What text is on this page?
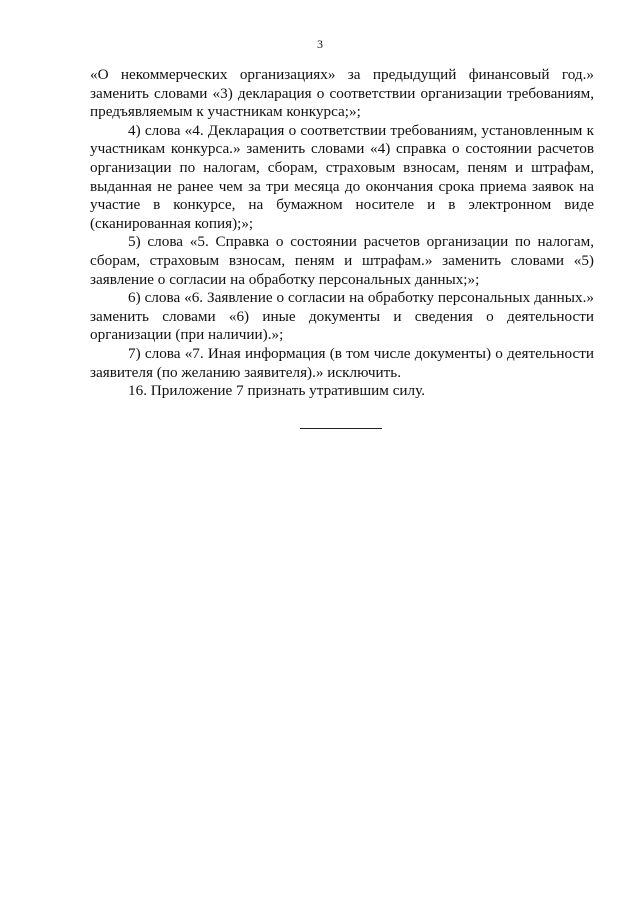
3

«О некоммерческих организациях» за предыдущий финансовый год.» заменить словами «3) декларация о соответствии организации требованиям, предъявляемым к участникам конкурса;»;

4) слова «4. Декларация о соответствии требованиям, установленным к участникам конкурса.» заменить словами «4) справка о состоянии расчетов организации по налогам, сборам, страховым взносам, пеням и штрафам, выданная не ранее чем за три месяца до окончания срока приема заявок на участие в конкурсе, на бумажном носителе и в электронном виде (сканированная копия);»;

5) слова «5. Справка о состоянии расчетов организации по налогам, сборам, страховым взносам, пеням и штрафам.» заменить словами «5) заявление о согласии на обработку персональных данных;»;

6) слова «6. Заявление о согласии на обработку персональных данных.» заменить словами «6) иные документы и сведения о деятельности организации (при наличии).»;

7) слова «7. Иная информация (в том числе документы) о деятельности заявителя (по желанию заявителя).» исключить.

16. Приложение 7 признать утратившим силу.
